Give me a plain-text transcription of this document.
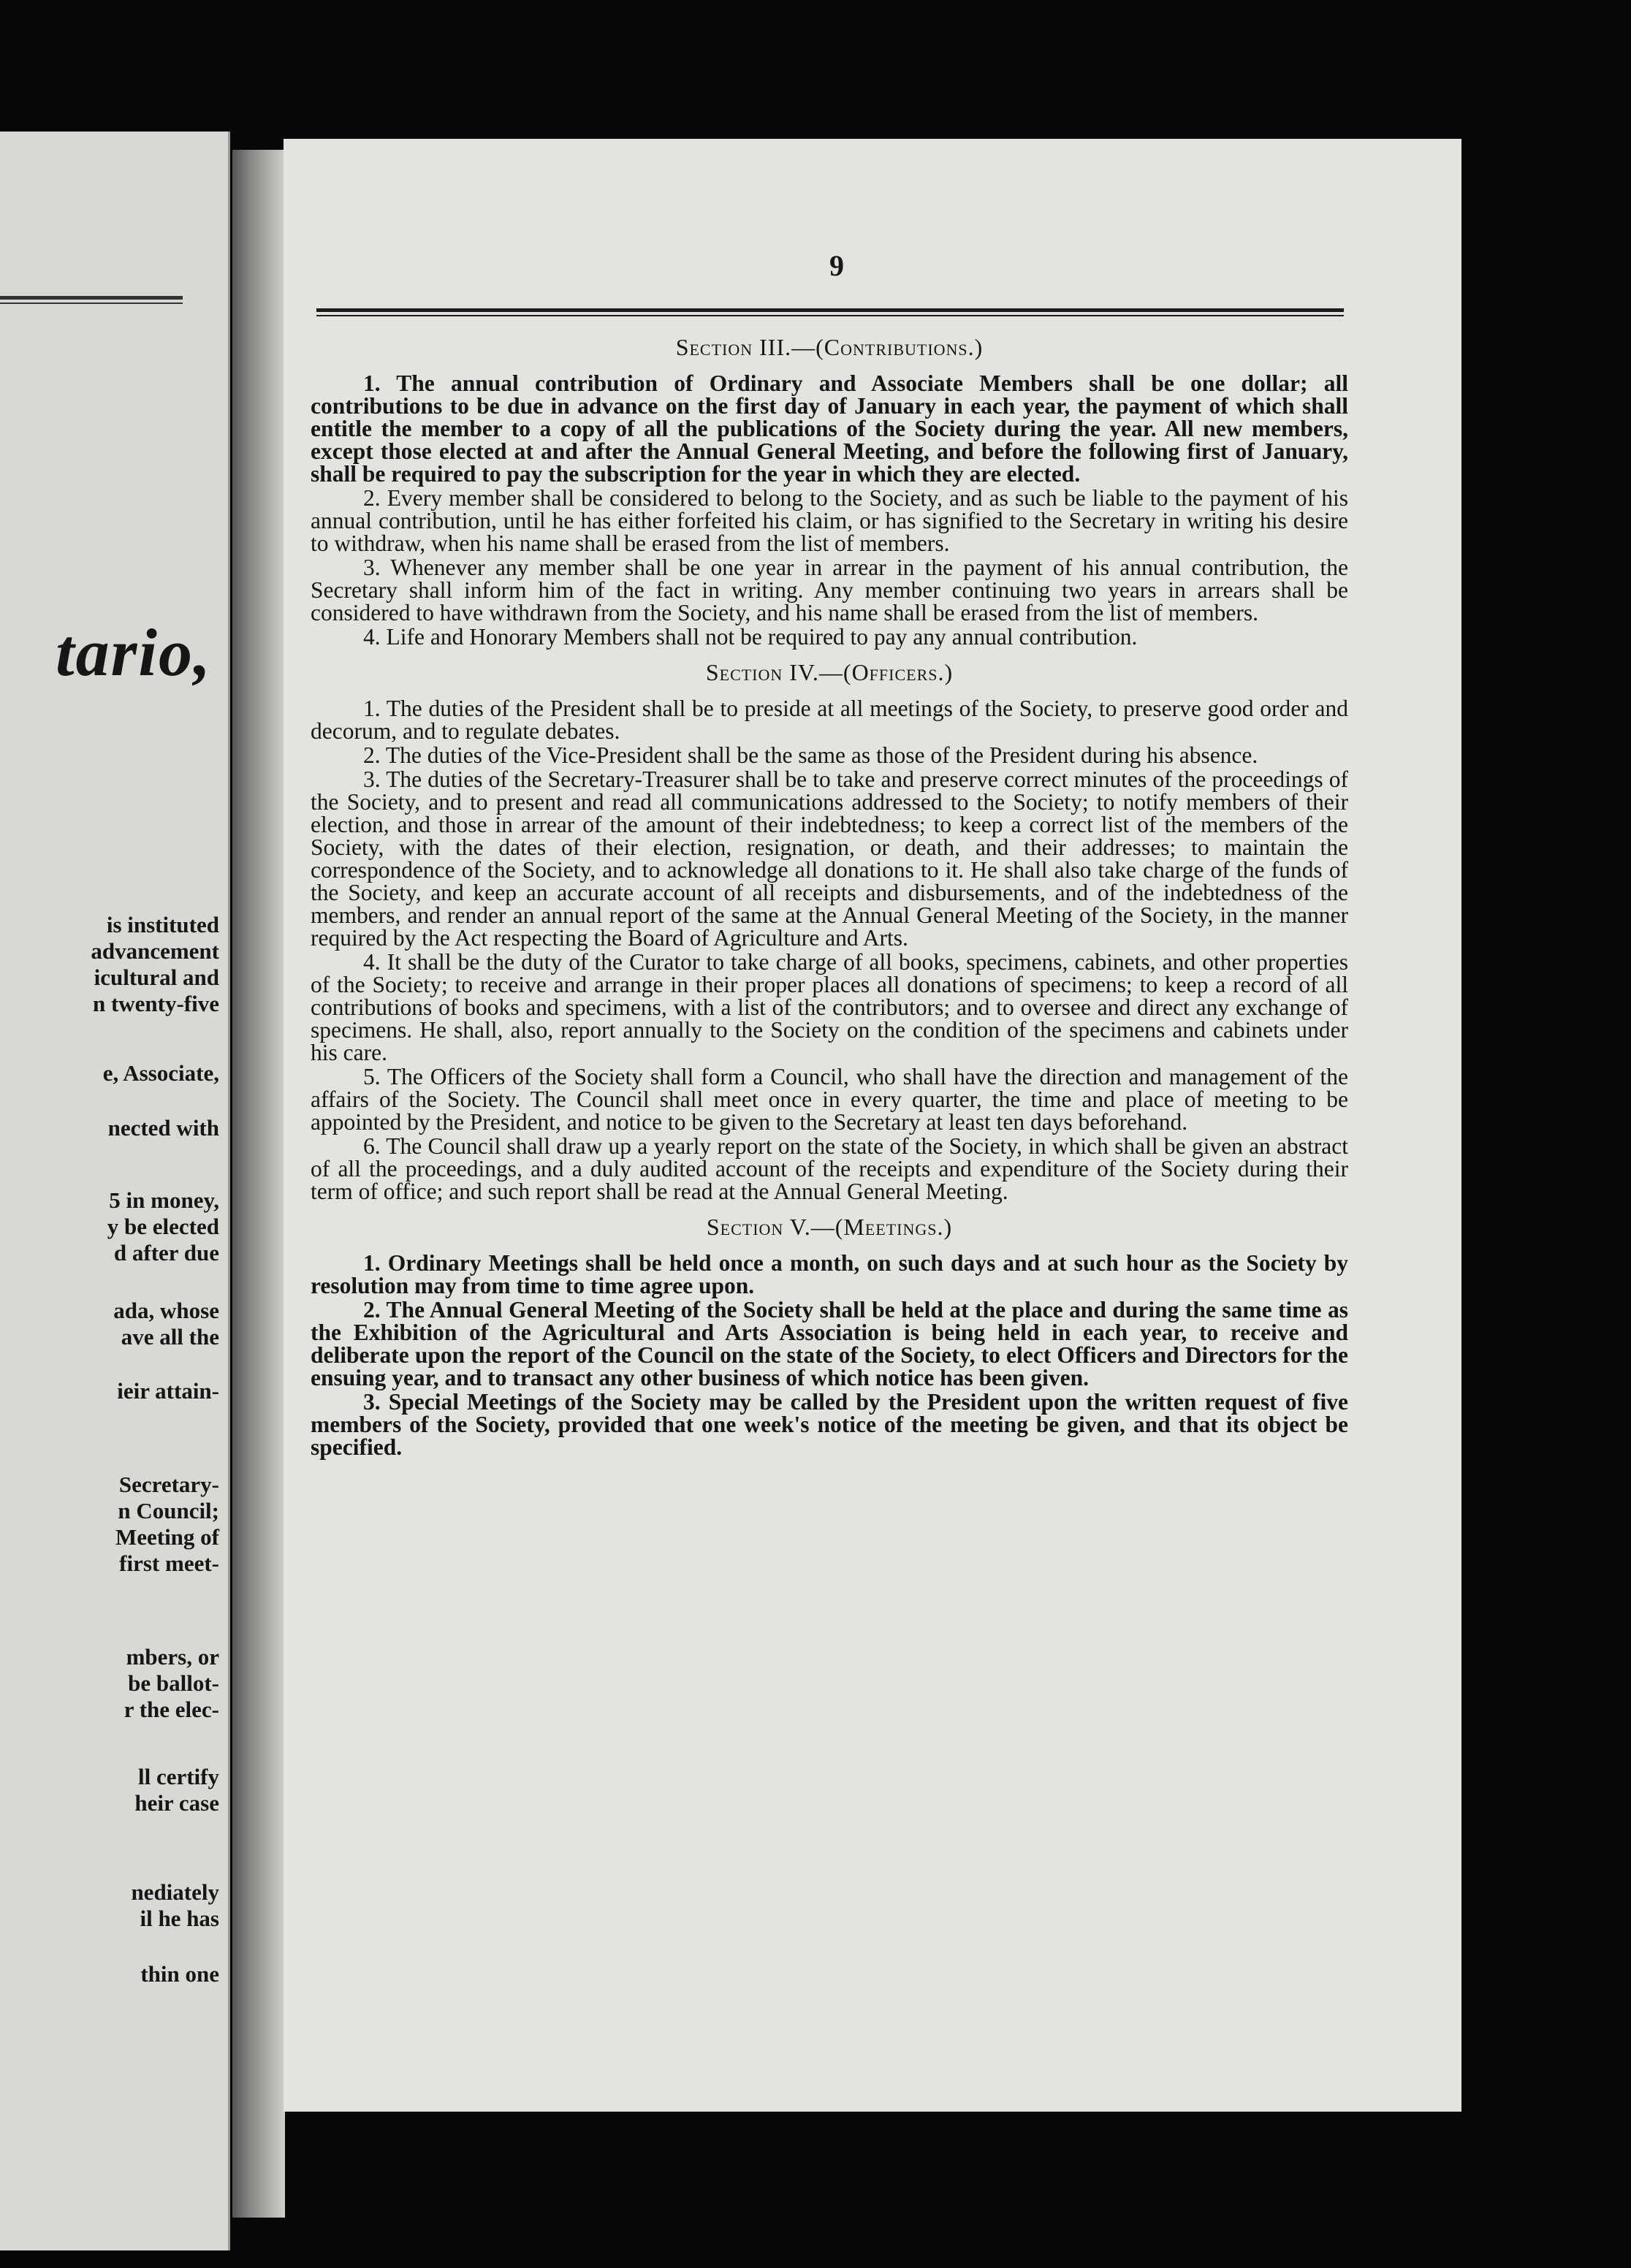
tario,
is instituted
advancement
icultural and
n twenty-five
e, Associate,
nected with
5 in money,
y be elected
d after due
ada, whose
ave all the
ieir attain-
Secretary-
n Council;
Meeting of
first meet-
mbers, or
be ballot-
r the elec-
ll certify
heir case
nediately
il he has
thin one
9
Section III.—(Contributions.)

1. The annual contribution of Ordinary and Associate Members shall be one dollar; all contributions to be due in advance on the first day of January in each year, the payment of which shall entitle the member to a copy of all the publications of the Society during the year. All new members, except those elected at and after the Annual General Meeting, and before the following first of January, shall be required to pay the subscription for the year in which they are elected.

2. Every member shall be considered to belong to the Society, and as such be liable to the payment of his annual contribution, until he has either forfeited his claim, or has signified to the Secretary in writing his desire to withdraw, when his name shall be erased from the list of members.

3. Whenever any member shall be one year in arrear in the payment of his annual contribution, the Secretary shall inform him of the fact in writing. Any member continuing two years in arrears shall be considered to have withdrawn from the Society, and his name shall be erased from the list of members.

4. Life and Honorary Members shall not be required to pay any annual contribution.

Section IV.—(Officers.)

1. The duties of the President shall be to preside at all meetings of the Society, to preserve good order and decorum, and to regulate debates.

2. The duties of the Vice-President shall be the same as those of the President during his absence.

3. The duties of the Secretary-Treasurer shall be to take and preserve correct minutes of the proceedings of the Society, and to present and read all communications addressed to the Society; to notify members of their election, and those in arrear of the amount of their indebtedness; to keep a correct list of the members of the Society, with the dates of their election, resignation, or death, and their addresses; to maintain the correspondence of the Society, and to acknowledge all donations to it. He shall also take charge of the funds of the Society, and keep an accurate account of all receipts and disbursements, and of the indebtedness of the members, and render an annual report of the same at the Annual General Meeting of the Society, in the manner required by the Act respecting the Board of Agriculture and Arts.

4. It shall be the duty of the Curator to take charge of all books, specimens, cabinets, and other properties of the Society; to receive and arrange in their proper places all donations of specimens; to keep a record of all contributions of books and specimens, with a list of the contributors; and to oversee and direct any exchange of specimens. He shall, also, report annually to the Society on the condition of the specimens and cabinets under his care.

5. The Officers of the Society shall form a Council, who shall have the direction and management of the affairs of the Society. The Council shall meet once in every quarter, the time and place of meeting to be appointed by the President, and notice to be given to the Secretary at least ten days beforehand.

6. The Council shall draw up a yearly report on the state of the Society, in which shall be given an abstract of all the proceedings, and a duly audited account of the receipts and expenditure of the Society during their term of office; and such report shall be read at the Annual General Meeting.

Section V.—(Meetings.)

1. Ordinary Meetings shall be held once a month, on such days and at such hour as the Society by resolution may from time to time agree upon.

2. The Annual General Meeting of the Society shall be held at the place and during the same time as the Exhibition of the Agricultural and Arts Association is being held in each year, to receive and deliberate upon the report of the Council on the state of the Society, to elect Officers and Directors for the ensuing year, and to transact any other business of which notice has been given.

3. Special Meetings of the Society may be called by the President upon the written request of five members of the Society, provided that one week's notice of the meeting be given, and that its object be specified.
